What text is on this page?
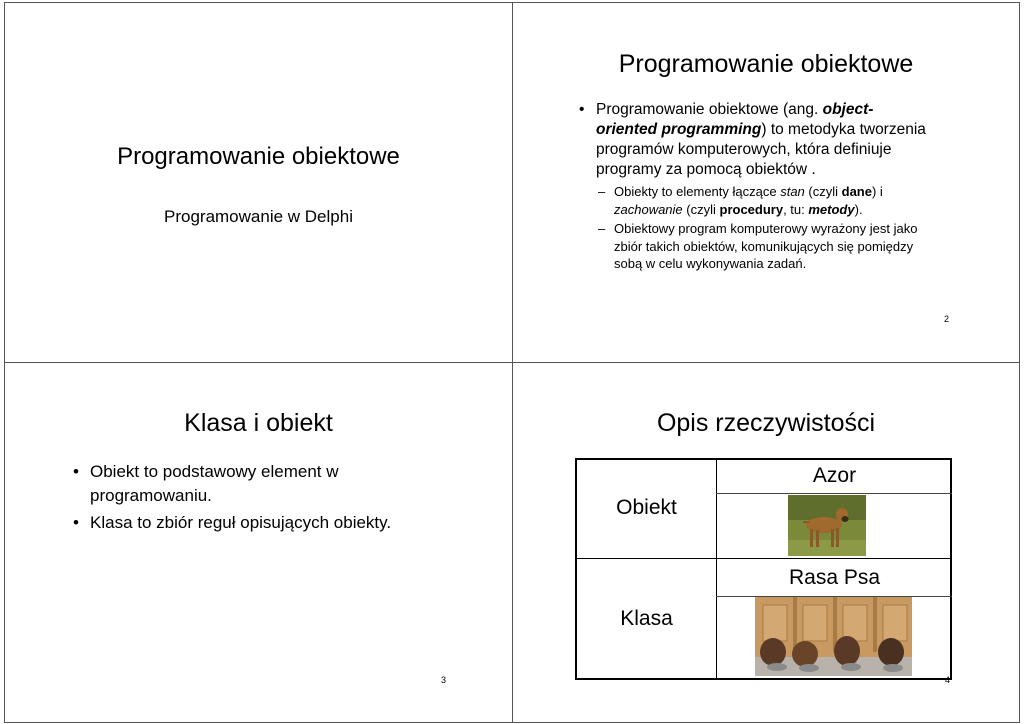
Programowanie obiektowe
Programowanie w Delphi
Programowanie obiektowe
• Programowanie obiektowe (ang. object-
oriented programming) to metodyka tworzenia
programów komputerowych, która definiuje
programy za pomocą obiektów .
– Obiekty to elementy łączące stan (czyli dane) i
zachowanie (czyli procedury, tu: metody).
– Obiektowy program komputerowy wyrażony jest jako
zbiór takich obiektów, komunikujących się pomiędzy
sobą w celu wykonywania zadań.
2
Klasa i obiekt
• Obiekt to podstawowy element w
programowaniu.
• Klasa to zbiór reguł opisujących obiekty.
3
Opis rzeczywistości
Obiekt
Klasa
Azor
Rasa Psa
4
